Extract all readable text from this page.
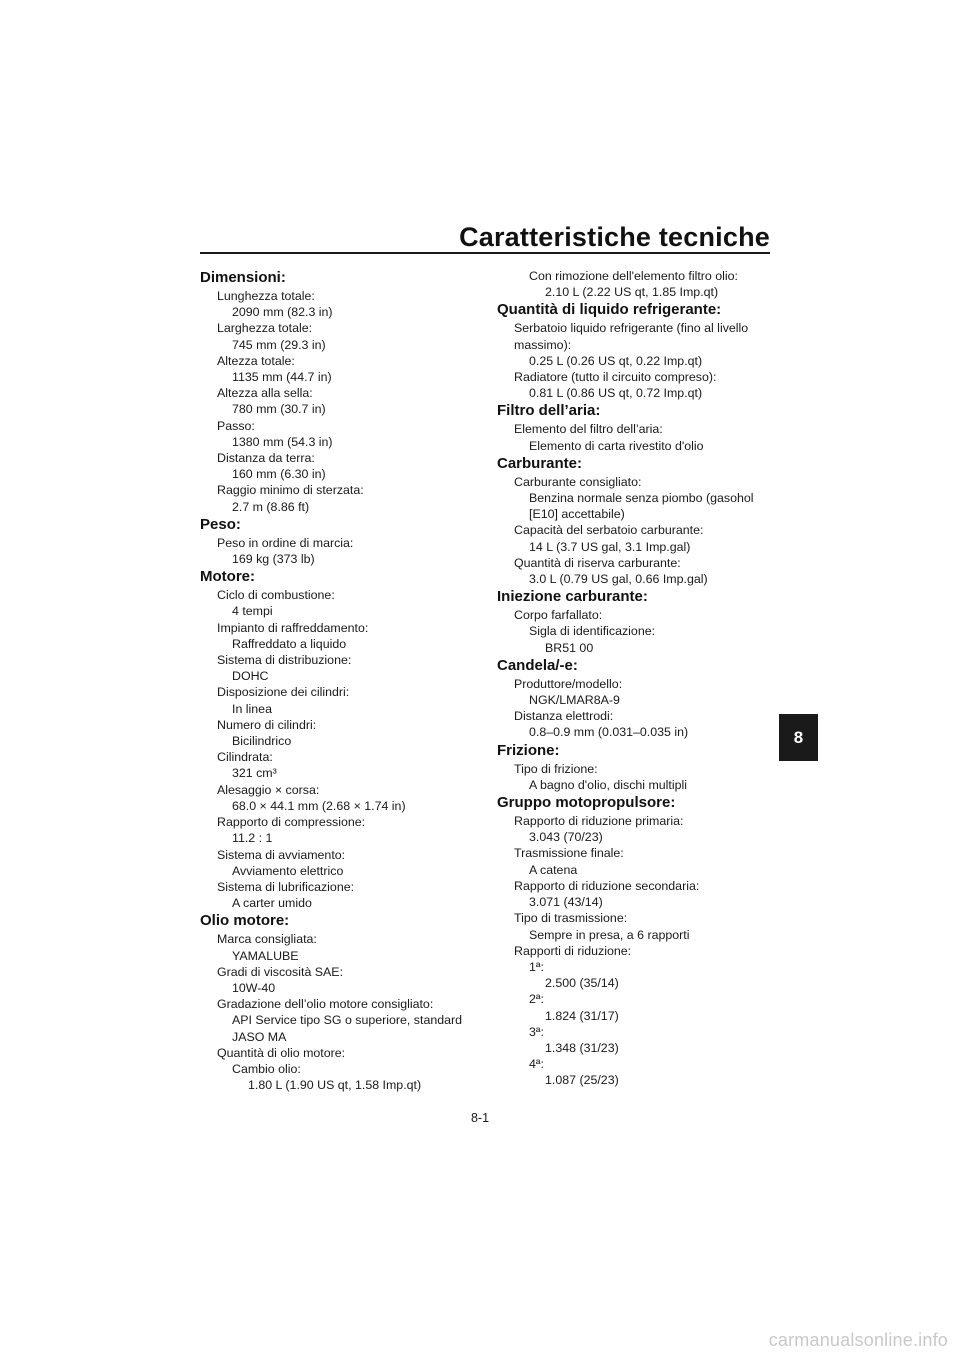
Caratteristiche tecniche
Dimensioni:
Lunghezza totale:
2090 mm (82.3 in)
Larghezza totale:
745 mm (29.3 in)
Altezza totale:
1135 mm (44.7 in)
Altezza alla sella:
780 mm (30.7 in)
Passo:
1380 mm (54.3 in)
Distanza da terra:
160 mm (6.30 in)
Raggio minimo di sterzata:
2.7 m (8.86 ft)
Peso:
Peso in ordine di marcia:
169 kg (373 lb)
Motore:
Ciclo di combustione:
4 tempi
Impianto di raffreddamento:
Raffreddato a liquido
Sistema di distribuzione:
DOHC
Disposizione dei cilindri:
In linea
Numero di cilindri:
Bicilindrico
Cilindrata:
321 cm³
Alesaggio × corsa:
68.0 × 44.1 mm (2.68 × 1.74 in)
Rapporto di compressione:
11.2 : 1
Sistema di avviamento:
Avviamento elettrico
Sistema di lubrificazione:
A carter umido
Olio motore:
Marca consigliata:
YAMALUBE
Gradi di viscosità SAE:
10W-40
Gradazione dell’olio motore consigliato:
API Service tipo SG o superiore, standard
JASO MA
Quantità di olio motore:
Cambio olio:
1.80 L (1.90 US qt, 1.58 Imp.qt)
Con rimozione dell'elemento filtro olio:
2.10 L (2.22 US qt, 1.85 Imp.qt)
Quantità di liquido refrigerante:
Serbatoio liquido refrigerante (fino al livello
massimo):
0.25 L (0.26 US qt, 0.22 Imp.qt)
Radiatore (tutto il circuito compreso):
0.81 L (0.86 US qt, 0.72 Imp.qt)
Filtro dell’aria:
Elemento del filtro dell’aria:
Elemento di carta rivestito d'olio
Carburante:
Carburante consigliato:
Benzina normale senza piombo (gasohol
[E10] accettabile)
Capacità del serbatoio carburante:
14 L (3.7 US gal, 3.1 Imp.gal)
Quantità di riserva carburante:
3.0 L (0.79 US gal, 0.66 Imp.gal)
Iniezione carburante:
Corpo farfallato:
Sigla di identificazione:
BR51 00
Candela/-e:
Produttore/modello:
NGK/LMAR8A-9
Distanza elettrodi:
0.8–0.9 mm (0.031–0.035 in)
Frizione:
Tipo di frizione:
A bagno d'olio, dischi multipli
Gruppo motopropulsore:
Rapporto di riduzione primaria:
3.043 (70/23)
Trasmissione finale:
A catena
Rapporto di riduzione secondaria:
3.071 (43/14)
Tipo di trasmissione:
Sempre in presa, a 6 rapporti
Rapporti di riduzione:
1ª:
2.500 (35/14)
2ª:
1.824 (31/17)
3ª:
1.348 (31/23)
4ª:
1.087 (25/23)
8
8-1
carmanualsonline.info
